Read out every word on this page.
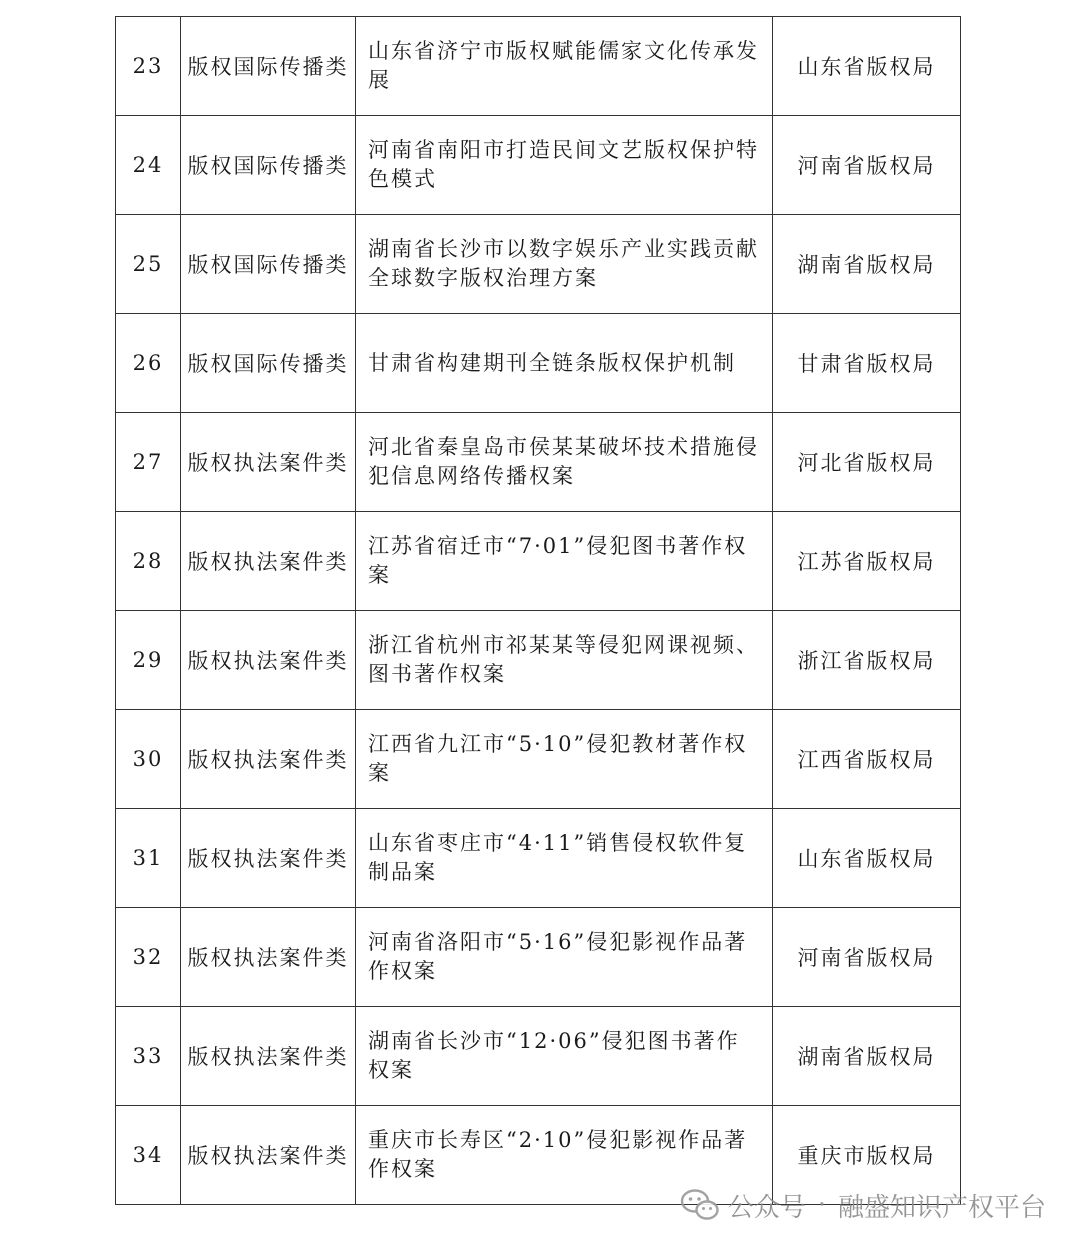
23	版权国际传播类	山东省济宁市版权赋能儒家文化传承发展	山东省版权局
24	版权国际传播类	河南省南阳市打造民间文艺版权保护特色模式	河南省版权局
25	版权国际传播类	湖南省长沙市以数字娱乐产业实践贡献全球数字版权治理方案	湖南省版权局
26	版权国际传播类	甘肃省构建期刊全链条版权保护机制	甘肃省版权局
27	版权执法案件类	河北省秦皇岛市侯某某破坏技术措施侵犯信息网络传播权案	河北省版权局
28	版权执法案件类	江苏省宿迁市“7·01”侵犯图书著作权案	江苏省版权局
29	版权执法案件类	浙江省杭州市祁某某等侵犯网课视频、图书著作权案	浙江省版权局
30	版权执法案件类	江西省九江市“5·10”侵犯教材著作权案	江西省版权局
31	版权执法案件类	山东省枣庄市“4·11”销售侵权软件复制品案	山东省版权局
32	版权执法案件类	河南省洛阳市“5·16”侵犯影视作品著作权案	河南省版权局
33	版权执法案件类	湖南省长沙市“12·06”侵犯图书著作权案	湖南省版权局
34	版权执法案件类	重庆市长寿区“2·10”侵犯影视作品著作权案	重庆市版权局
公众号 · 融盛知识产权平台
